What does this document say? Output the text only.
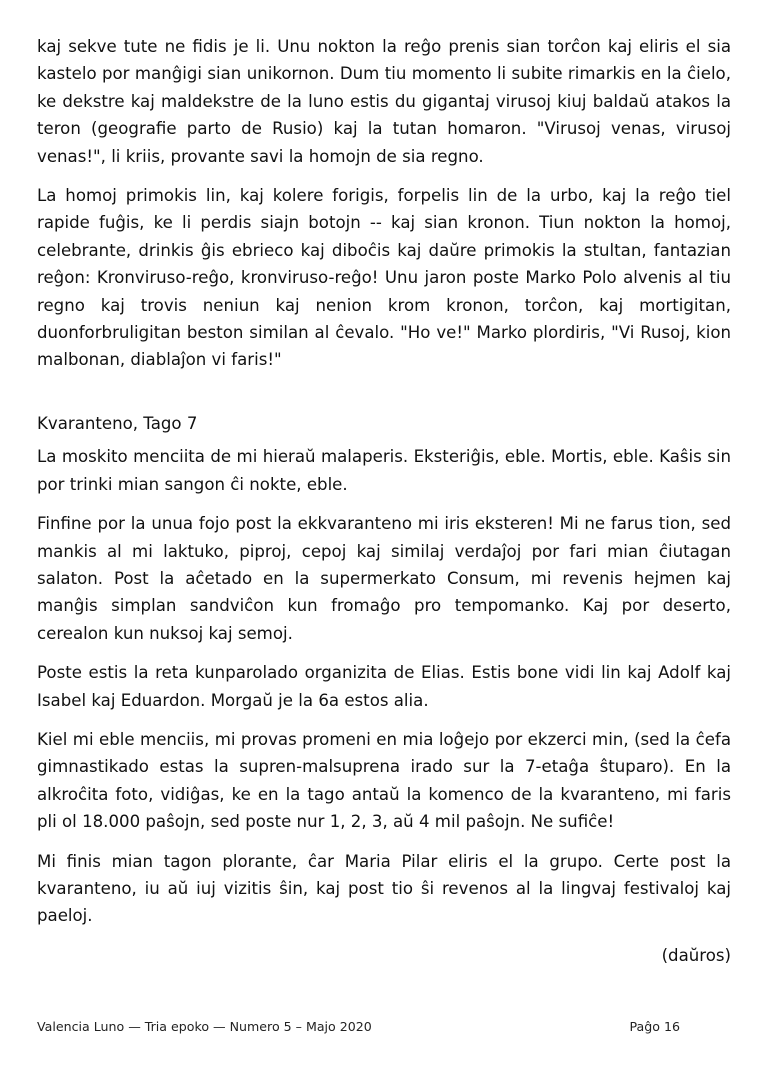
kaj sekve tute ne fidis je li. Unu nokton la reĝo prenis sian torĉon kaj eliris el sia kastelo por manĝigi sian unikornon. Dum tiu momento li subite rimarkis en la ĉielo, ke dekstre kaj maldekstre de la luno estis du gigantaj virusoj kiuj baldaŭ atakos la teron (geografie parto de Rusio) kaj la tutan homaron. "Virusoj venas, virusoj venas!", li kriis, provante savi la homojn de sia regno.

La homoj primokis lin, kaj kolere forigis, forpelis lin de la urbo, kaj la reĝo tiel rapide fuĝis, ke li perdis siajn botojn -- kaj sian kronon. Tiun nokton la homoj, celebrante, drinkis ĝis ebrieco kaj diboĉis kaj daŭre primokis la stultan, fantazian reĝon: Kronviruso-reĝo, kronviruso-reĝo! Unu jaron poste Marko Polo alvenis al tiu regno kaj trovis neniun kaj nenion krom kronon, torĉon, kaj mortigitan, duonforbruligitan beston similan al ĉevalo. "Ho ve!" Marko plordiris, "Vi Rusoj, kion malbonan, diablaĵon vi faris!"

Kvaranteno, Tago 7

La moskito menciita de mi hieraŭ malaperis. Eksteriĝis, eble. Mortis, eble. Kaŝis sin por trinki mian sangon ĉi nokte, eble.

Finfine por la unua fojo post la ekkvaranteno mi iris eksteren! Mi ne farus tion, sed mankis al mi laktuko, piproj, cepoj kaj similaj verdaĵoj por fari mian ĉiutagan salaton. Post la aĉetado en la supermerkato Consum, mi revenis hejmen kaj manĝis simplan sandviĉon kun fromaĝo pro tempomanko. Kaj por deserto, cerealon kun nuksoj kaj semoj.

Poste estis la reta kunparolado organizita de Elias. Estis bone vidi lin kaj Adolf kaj Isabel kaj Eduardon. Morgaŭ je la 6a estos alia.

Kiel mi eble menciis, mi provas promeni en mia loĝejo por ekzerci min, (sed la ĉefa gimnastikado estas la supren-malsuprena irado sur la 7-etaĝa ŝtuparo). En la alkroĉita foto, vidiĝas, ke en la tago antaŭ la komenco de la kvaranteno, mi faris pli ol 18.000 paŝojn, sed poste nur 1, 2, 3, aŭ 4 mil paŝojn. Ne sufiĉe!

Mi finis mian tagon plorante, ĉar Maria Pilar eliris el la grupo. Certe post la kvaranteno, iu aŭ iuj vizitis ŝin, kaj post tio ŝi revenos al la lingvaj festivaloj kaj paeloj.

(daŭros)

Valencia Luno — Tria epoko — Numero 5 – Majo 2020	Paĝo 16
